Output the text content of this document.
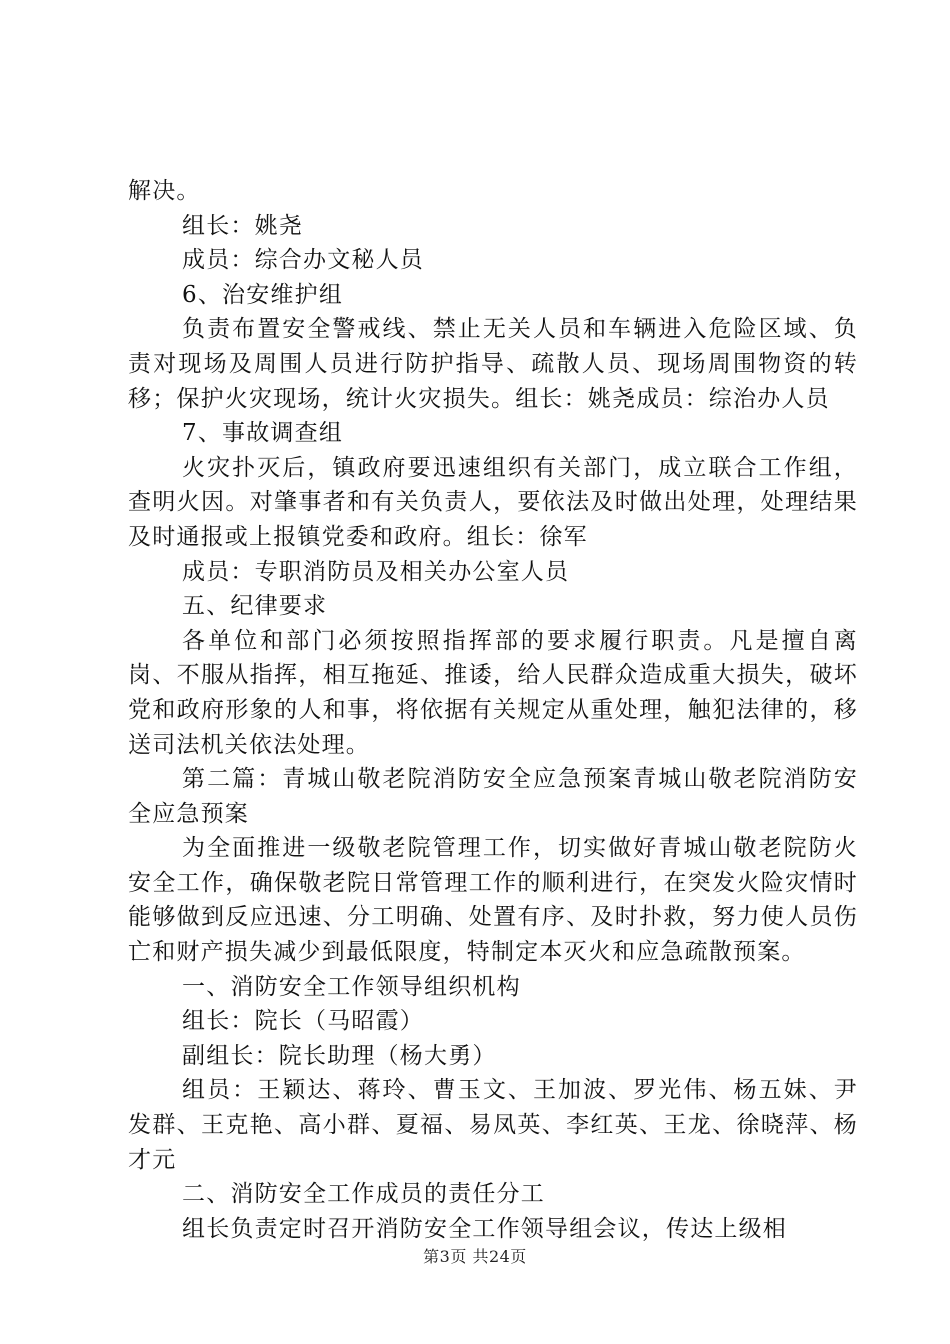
解决。

组长：姚尧

成员：综合办文秘人员

6、治安维护组

负责布置安全警戒线、禁止无关人员和车辆进入危险区域、负责对现场及周围人员进行防护指导、疏散人员、现场周围物资的转移；保护火灾现场，统计火灾损失。组长：姚尧成员：综治办人员

7、事故调查组

火灾扑灭后，镇政府要迅速组织有关部门，成立联合工作组，查明火因。对肇事者和有关负责人，要依法及时做出处理，处理结果及时通报或上报镇党委和政府。组长：徐军

成员：专职消防员及相关办公室人员

五、纪律要求

各单位和部门必须按照指挥部的要求履行职责。凡是擅自离岗、不服从指挥，相互拖延、推诿，给人民群众造成重大损失，破坏党和政府形象的人和事，将依据有关规定从重处理，触犯法律的，移送司法机关依法处理。

第二篇：青城山敬老院消防安全应急预案青城山敬老院消防安全应急预案

为全面推进一级敬老院管理工作，切实做好青城山敬老院防火安全工作，确保敬老院日常管理工作的顺利进行，在突发火险灾情时能够做到反应迅速、分工明确、处置有序、及时扑救，努力使人员伤亡和财产损失减少到最低限度，特制定本灭火和应急疏散预案。

一、消防安全工作领导组织机构

组长：院长（马昭霞）

副组长：院长助理（杨大勇）

组员：王颖达、蒋玲、曹玉文、王加波、罗光伟、杨五妹、尹发群、王克艳、高小群、夏福、易凤英、李红英、王龙、徐晓萍、杨才元

二、消防安全工作成员的责任分工

组长负责定时召开消防安全工作领导组会议，传达上级相

第3页 共24页
